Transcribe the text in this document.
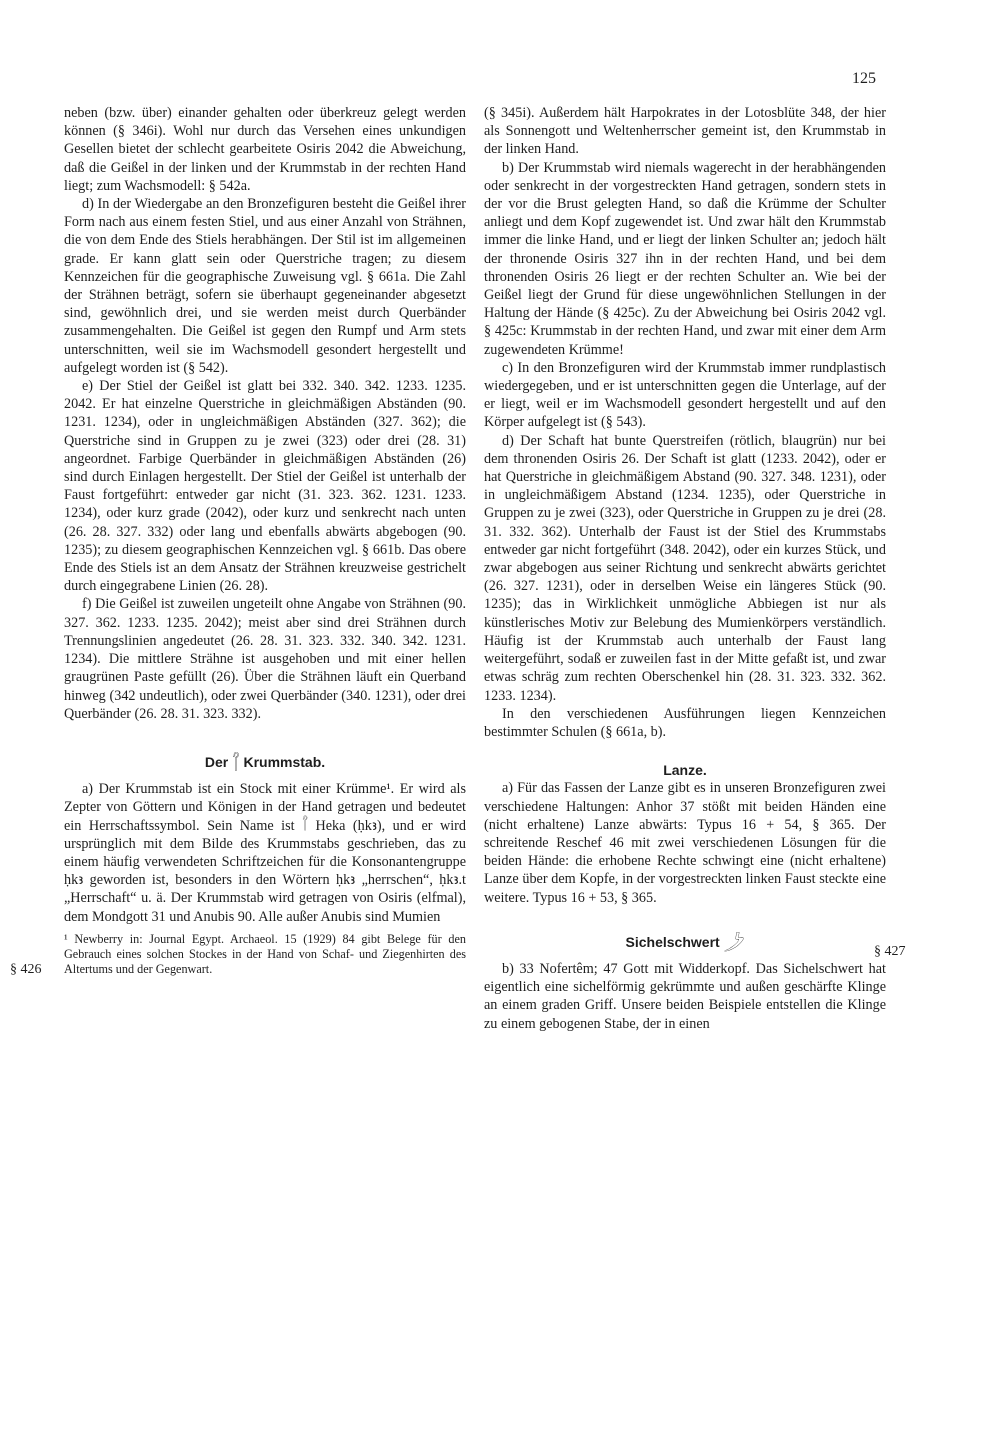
125

neben (bzw. über) einander gehalten oder überkreuz gelegt werden können (§ 346i). Wohl nur durch das Versehen eines unkundigen Gesellen bietet der schlecht gearbeitete Osiris 2042 die Abweichung, daß die Geißel in der linken und der Krummstab in der rechten Hand liegt; zum Wachsmodell: § 542a.

d) In der Wiedergabe an den Bronzefiguren besteht die Geißel ihrer Form nach aus einem festen Stiel, und aus einer Anzahl von Strähnen, die von dem Ende des Stiels herabhängen. Der Stil ist im allgemeinen grade. Er kann glatt sein oder Querstriche tragen; zu diesem Kennzeichen für die geographische Zuweisung vgl. § 661a. Die Zahl der Strähnen beträgt, sofern sie überhaupt gegeneinander abgesetzt sind, gewöhnlich drei, und sie werden meist durch Querbänder zusammengehalten. Die Geißel ist gegen den Rumpf und Arm stets unterschnitten, weil sie im Wachsmodell gesondert hergestellt und aufgelegt worden ist (§ 542).

e) Der Stiel der Geißel ist glatt bei 332. 340. 342. 1233. 1235. 2042. Er hat einzelne Querstriche in gleichmäßigen Abständen (90. 1231. 1234), oder in ungleichmäßigen Abständen (327. 362); die Querstriche sind in Gruppen zu je zwei (323) oder drei (28. 31) angeordnet. Farbige Querbänder in gleichmäßigen Abständen (26) sind durch Einlagen hergestellt. Der Stiel der Geißel ist unterhalb der Faust fortgeführt: entweder gar nicht (31. 323. 362. 1231. 1233. 1234), oder kurz grade (2042), oder kurz und senkrecht nach unten (26. 28. 327. 332) oder lang und ebenfalls abwärts abgebogen (90. 1235); zu diesem geographischen Kennzeichen vgl. § 661b. Das obere Ende des Stiels ist an dem Ansatz der Strähnen kreuzweise gestrichelt durch eingegrabene Linien (26. 28).

f) Die Geißel ist zuweilen ungeteilt ohne Angabe von Strähnen (90. 327. 362. 1233. 1235. 2042); meist aber sind drei Strähnen durch Trennungslinien angedeutet (26. 28. 31. 323. 332. 340. 342. 1231. 1234). Die mittlere Strähne ist ausgehoben und mit einer hellen graugrünen Paste gefüllt (26). Über die Strähnen läuft ein Querband hinweg (342 undeutlich), oder zwei Querbänder (340. 1231), oder drei Querbänder (26. 28. 31. 323. 332).

Der 𓋾 Krummstab.

a) Der Krummstab ist ein Stock mit einer Krümme¹. Er wird als Zepter von Göttern und Königen in der Hand getragen und bedeutet ein Herrschaftssymbol. Sein Name ist 𓋾 Heka (ḥkꜣ), und er wird ursprünglich mit dem Bilde des Krummstabs geschrieben, das zu einem häufig verwendeten Schriftzeichen für die Konsonantengruppe ḥkꜣ geworden ist, besonders in den Wörtern ḥkꜣ „herrschen“, ḥkꜣ.t „Herrschaft“ u. ä. Der Krummstab wird getragen von Osiris (elfmal), dem Mondgott 31 und Anubis 90. Alle außer Anubis sind Mumien

¹ Newberry in: Journal Egypt. Archaeol. 15 (1929) 84 gibt Belege für den Gebrauch eines solchen Stockes in der Hand von Schaf- und Ziegenhirten des Altertums und der Gegenwart.
§ 426

(§ 345i). Außerdem hält Harpokrates in der Lotosblüte 348, der hier als Sonnengott und Weltenherrscher gemeint ist, den Krummstab in der linken Hand.

b) Der Krummstab wird niemals wagerecht in der herabhängenden oder senkrecht in der vorgestreckten Hand getragen, sondern stets in der vor die Brust gelegten Hand, so daß die Krümme der Schulter anliegt und dem Kopf zugewendet ist. Und zwar hält den Krummstab immer die linke Hand, und er liegt der linken Schulter an; jedoch hält der thronende Osiris 327 ihn in der rechten Hand, und bei dem thronenden Osiris 26 liegt er der rechten Schulter an. Wie bei der Geißel liegt der Grund für diese ungewöhnlichen Stellungen in der Haltung der Hände (§ 425c). Zu der Abweichung bei Osiris 2042 vgl. § 425c: Krummstab in der rechten Hand, und zwar mit einer dem Arm zugewendeten Krümme!

c) In den Bronzefiguren wird der Krummstab immer rundplastisch wiedergegeben, und er ist unterschnitten gegen die Unterlage, auf der er liegt, weil er im Wachsmodell gesondert hergestellt und auf den Körper aufgelegt ist (§ 543).

d) Der Schaft hat bunte Querstreifen (rötlich, blaugrün) nur bei dem thronenden Osiris 26. Der Schaft ist glatt (1233. 2042), oder er hat Querstriche in gleichmäßigem Abstand (90. 327. 348. 1231), oder in ungleichmäßigem Abstand (1234. 1235), oder Querstriche in Gruppen zu je zwei (323), oder Querstriche in Gruppen zu je drei (28. 31. 332. 362). Unterhalb der Faust ist der Stiel des Krummstabs entweder gar nicht fortgeführt (348. 2042), oder ein kurzes Stück, und zwar abgebogen aus seiner Richtung und senkrecht abwärts gerichtet (26. 327. 1231), oder in derselben Weise ein längeres Stück (90. 1235); das in Wirklichkeit unmögliche Abbiegen ist nur als künstlerisches Motiv zur Belebung des Mumienkörpers verständlich. Häufig ist der Krummstab auch unterhalb der Faust lang weitergeführt, sodaß er zuweilen fast in der Mitte gefaßt ist, und zwar etwas schräg zum rechten Oberschenkel hin (28. 31. 323. 332. 362. 1233. 1234).

In den verschiedenen Ausführungen liegen Kennzeichen bestimmter Schulen (§ 661a, b).

Lanze.

a) Für das Fassen der Lanze gibt es in unseren Bronzefiguren zwei verschiedene Haltungen: Anhor 37 stößt mit beiden Händen eine (nicht erhaltene) Lanze abwärts: Typus 16 + 54, § 365. Der schreitende Reschef 46 mit zwei verschiedenen Lösungen für die beiden Hände: die erhobene Rechte schwingt eine (nicht erhaltene) Lanze über dem Kopfe, in der vorgestreckten linken Faust steckte eine weitere. Typus 16 + 53, § 365.

Sichelschwert 𓌳

b) 33 Nofertêm; 47 Gott mit Widderkopf. Das Sichelschwert hat eigentlich eine sichelförmig gekrümmte und außen geschärfte Klinge an einem graden Griff. Unsere beiden Beispiele entstellen die Klinge zu einem gebogenen Stabe, der in einen

§ 427
